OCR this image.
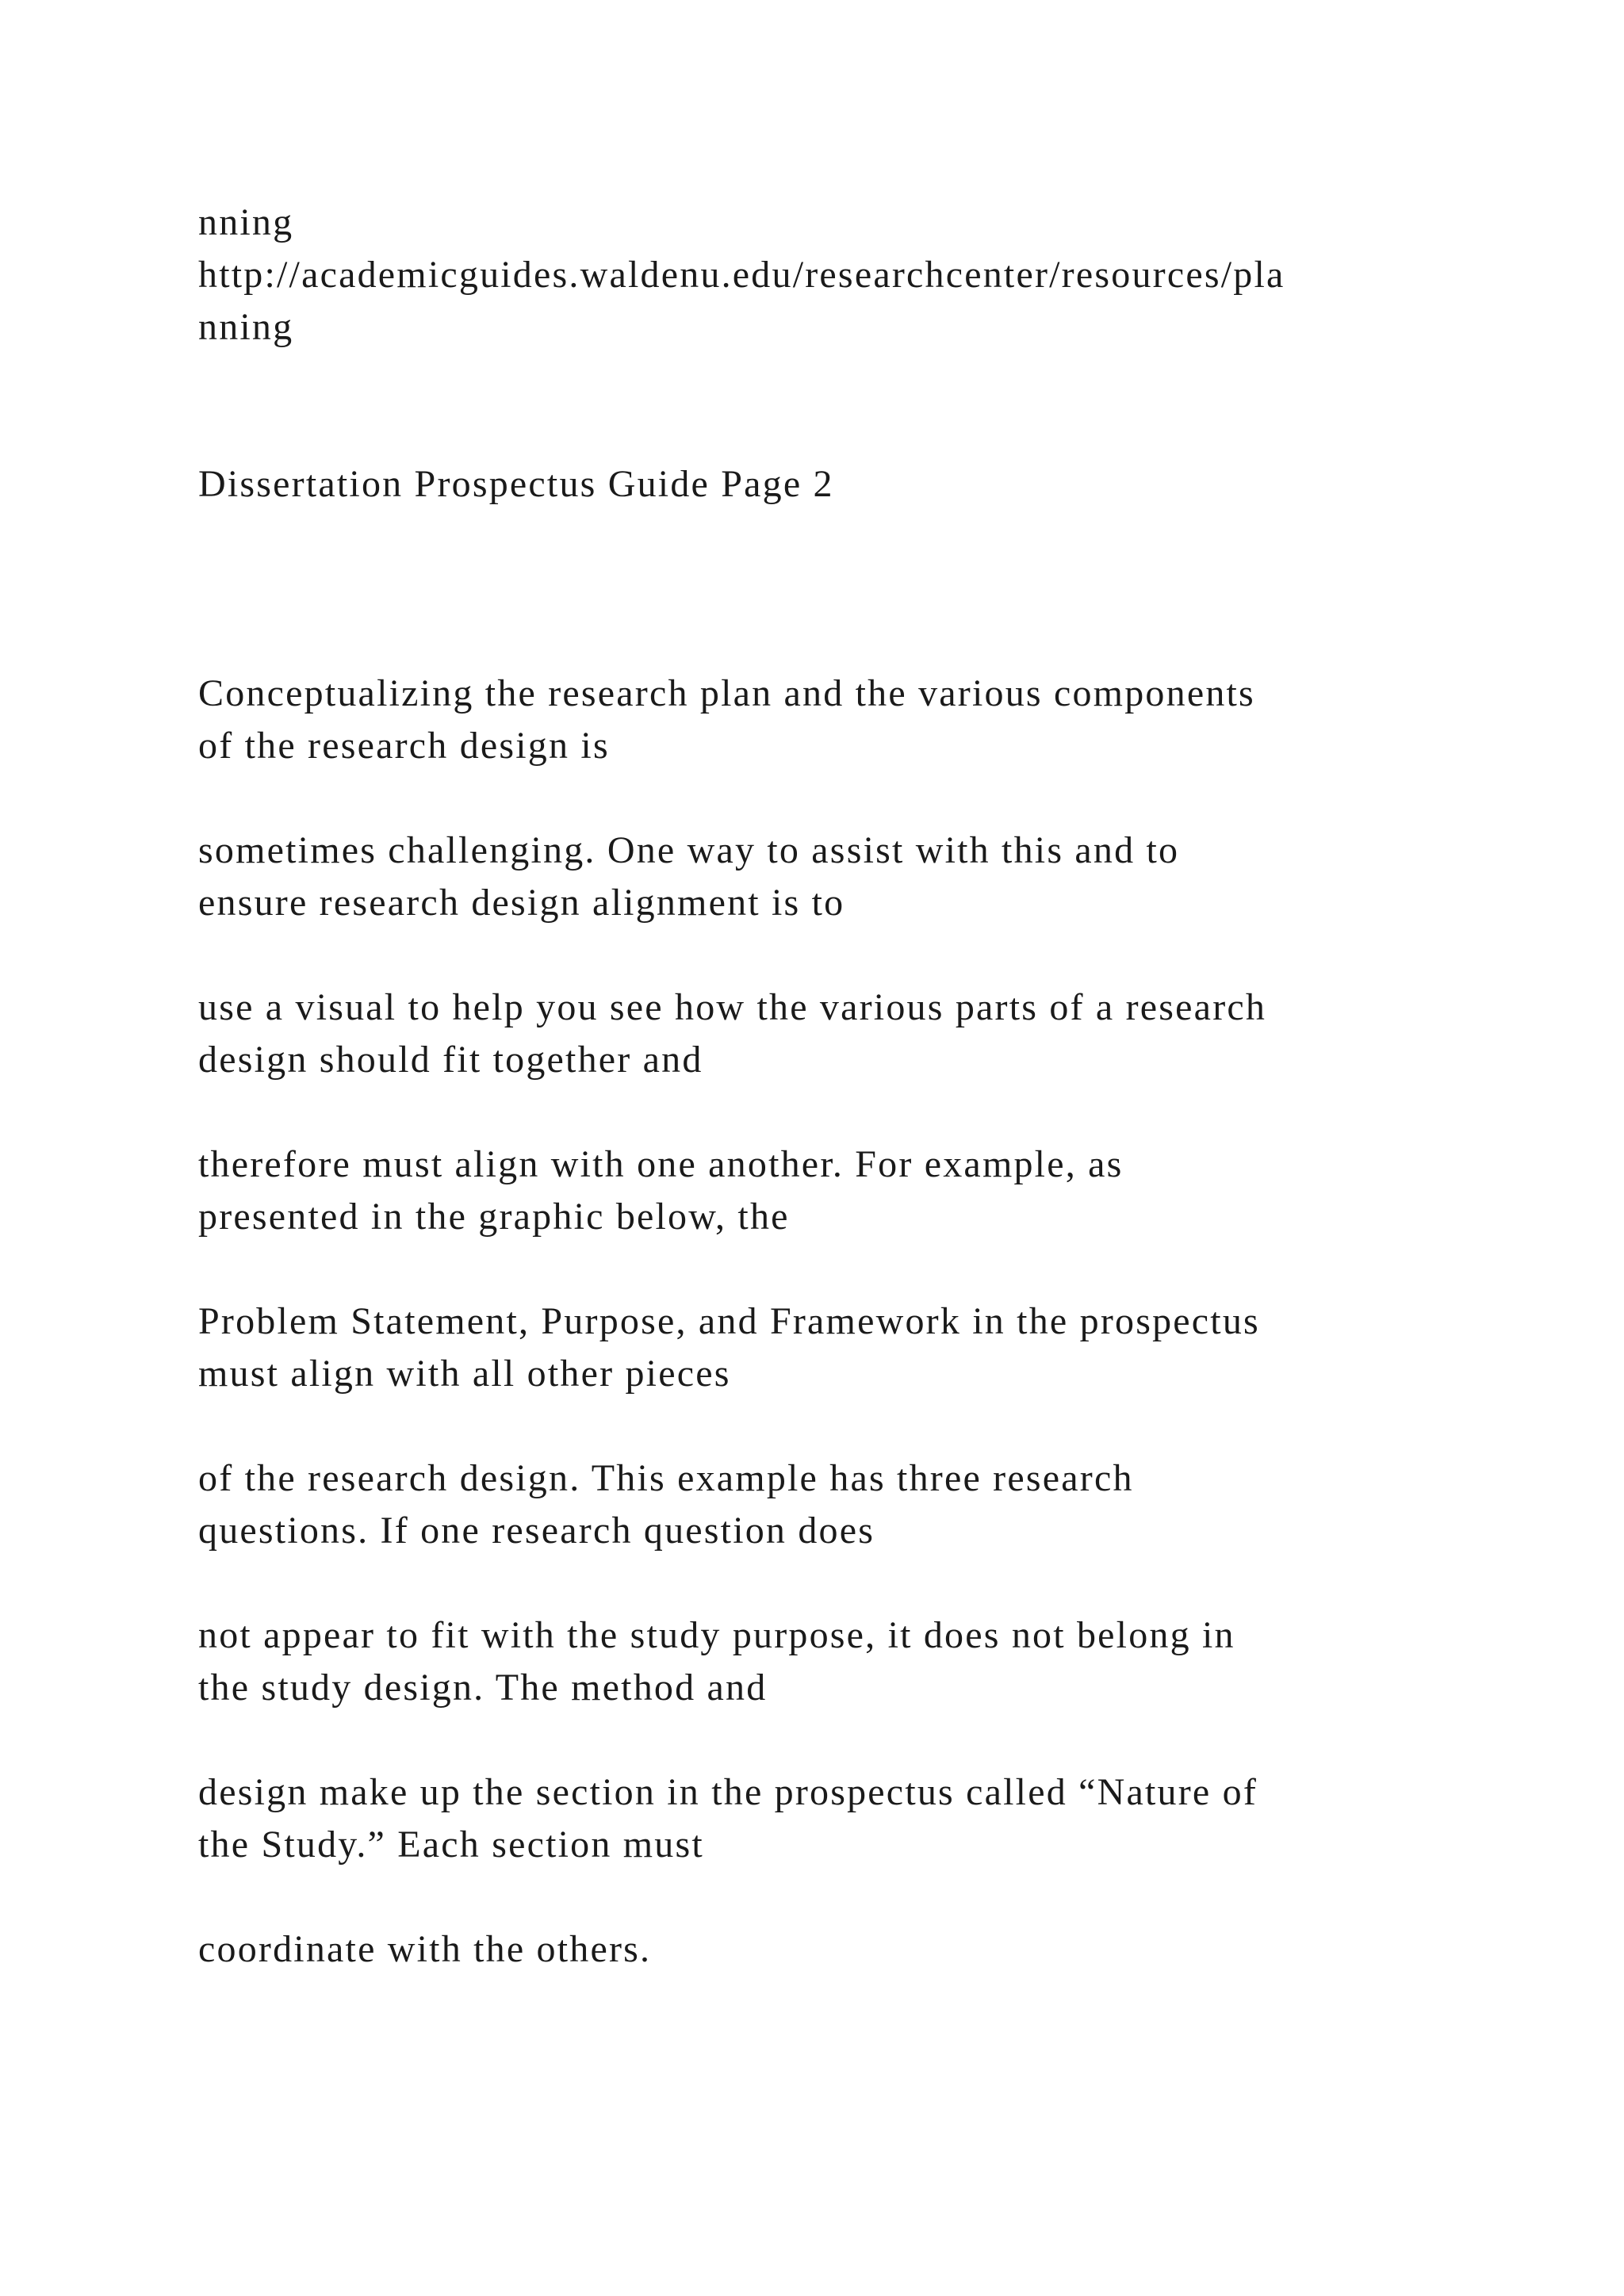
nning
http://academicguides.waldenu.edu/researchcenter/resources/pla
nning
Dissertation Prospectus Guide Page 2
Conceptualizing the research plan and the various components
of the research design is
sometimes challenging. One way to assist with this and to
ensure research design alignment is to
use a visual to help you see how the various parts of a research
design should fit together and
therefore must align with one another. For example, as
presented in the graphic below, the
Problem Statement, Purpose, and Framework in the prospectus
must align with all other pieces
of the research design. This example has three research
questions. If one research question does
not appear to fit with the study purpose, it does not belong in
the study design. The method and
design make up the section in the prospectus called “Nature of
the Study.” Each section must
coordinate with the others.
